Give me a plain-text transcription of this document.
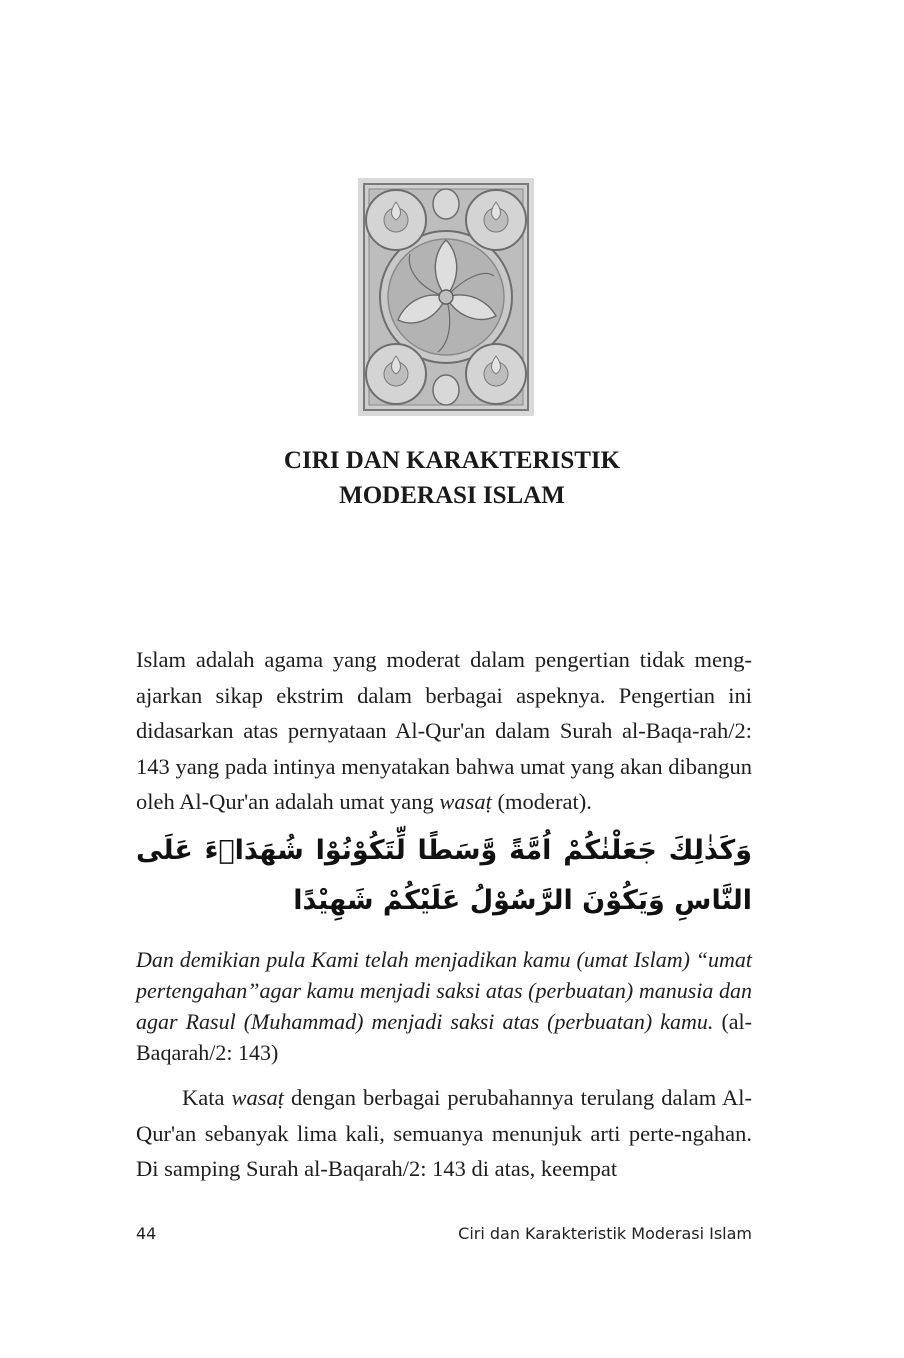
CIRI DAN KARAKTERISTIK
MODERASI ISLAM

Islam adalah agama yang moderat dalam pengertian tidak meng-ajarkan sikap ekstrim dalam berbagai aspeknya. Pengertian ini didasarkan atas pernyataan Al-Qur'an dalam Surah al-Baqa-rah/2: 143 yang pada intinya menyatakan bahwa umat yang akan dibangun oleh Al-Qur'an adalah umat yang wasaṭ (moderat).

وَكَذٰلِكَ جَعَلْنٰكُمْ اُمَّةً وَّسَطًا لِّتَكُوْنُوْا شُهَدَاۤءَ عَلَى النَّاسِ وَيَكُوْنَ الرَّسُوْلُ عَلَيْكُمْ شَهِيْدًا

Dan demikian pula Kami telah menjadikan kamu (umat Islam) “umat pertengahan”agar kamu menjadi saksi atas (perbuatan) manusia dan agar Rasul (Muhammad) menjadi saksi atas (perbuatan) kamu. (al-Baqarah/2: 143)

Kata wasaṭ dengan berbagai perubahannya terulang dalam Al-Qur'an sebanyak lima kali, semuanya menunjuk arti perte-ngahan. Di samping Surah al-Baqarah/2: 143 di atas, keempat

44	Ciri dan Karakteristik Moderasi Islam
